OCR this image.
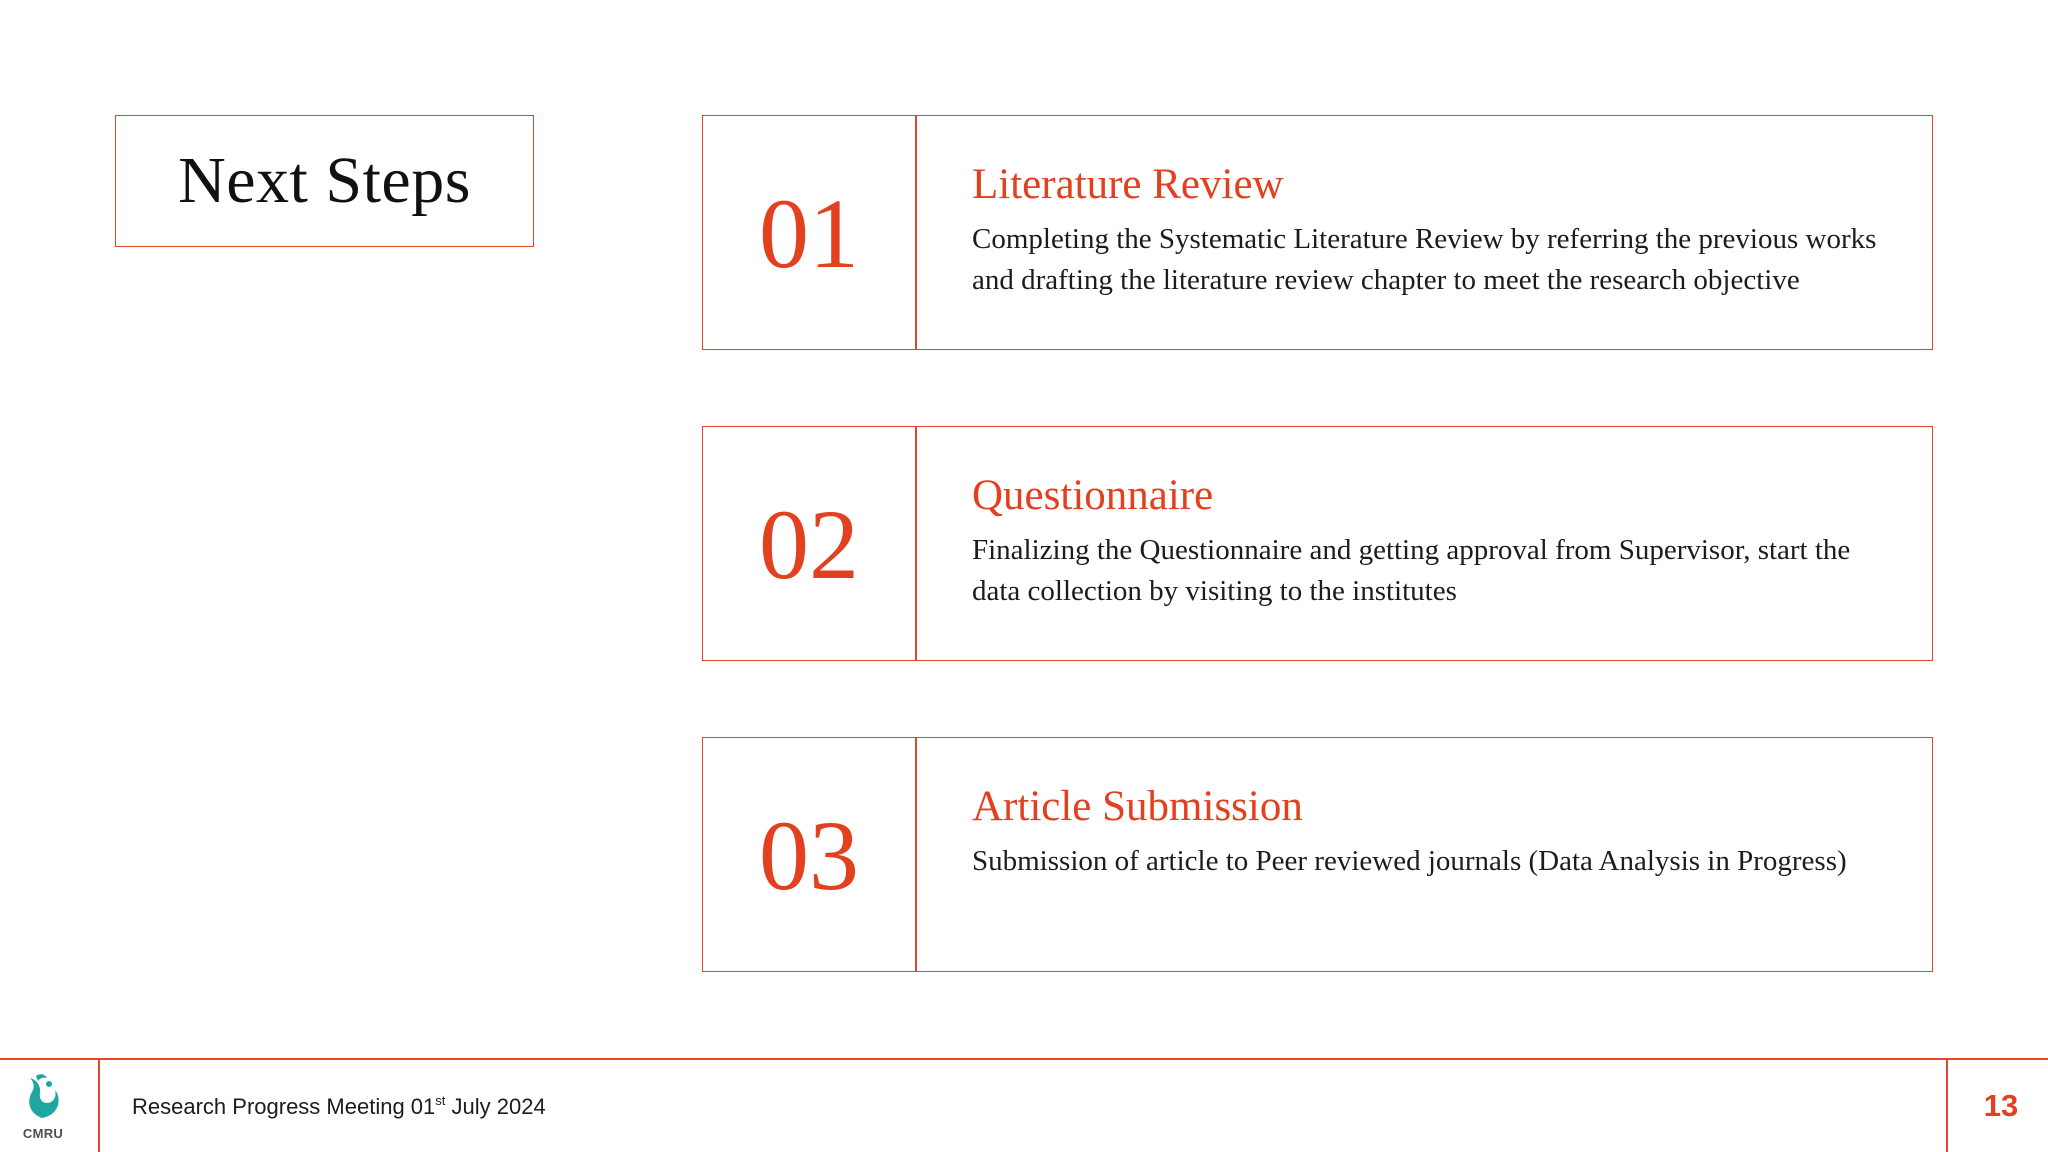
Next Steps	01	Literature Review

Completing the Systematic Literature Review by referring the previous works and drafting the literature review chapter to meet the research objective

02	Questionnaire

Finalizing the Questionnaire and getting approval from Supervisor, start the data collection by visiting to the institutes

03	Article Submission

Submission of article to Peer reviewed journals (Data Analysis in Progress)

CMRU
Research Progress Meeting 01st July 2024	13
